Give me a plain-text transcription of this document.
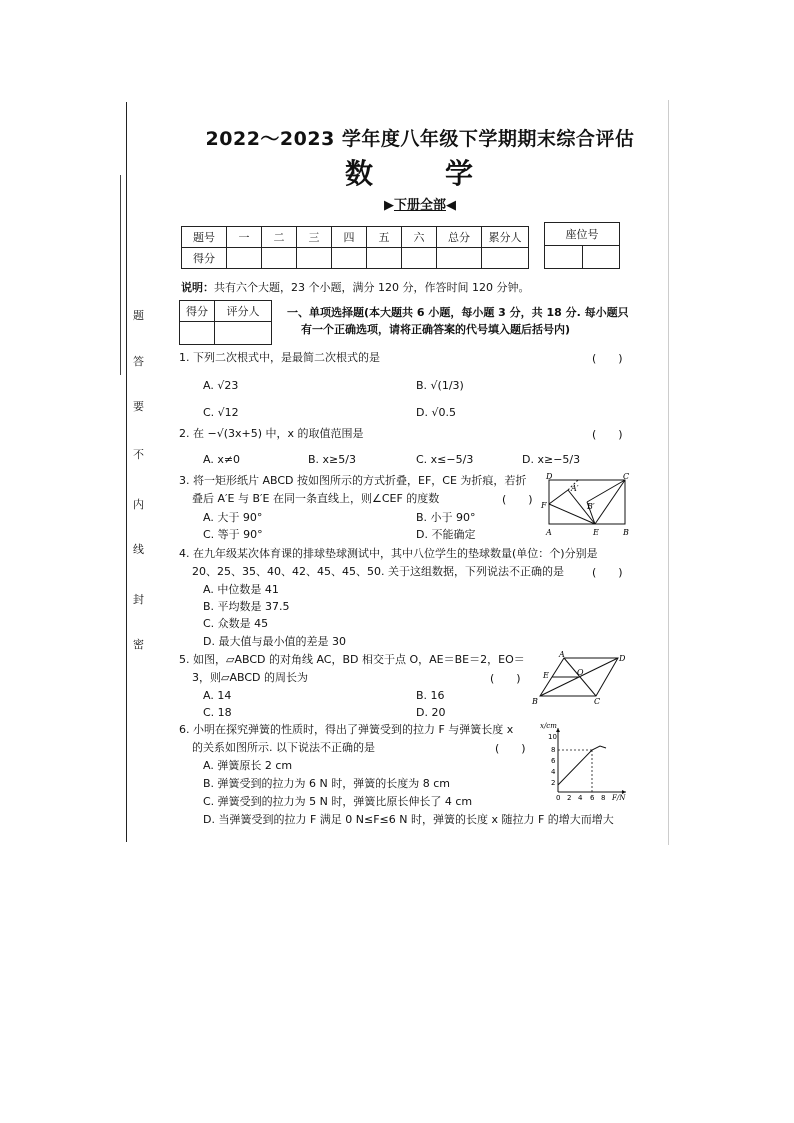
密
封
线
内
不
要
答
题
2022～2023 学年度八年级下学期期末综合评估
数　学
▶下册全部◀
题号	一	二	三	四	五	六	总分	累分人
得分								
座位号

说明：共有六个大题，23 个小题，满分 120 分，作答时间 120 分钟。
得分	评分人
		一、单项选择题(本大题共 6 小题，每小题 3 分，共 18 分. 每小题只
有一个正确选项，请将正确答案的代号填入题后括号内)
1. 下列二次根式中，是最简二次根式的是	(　　)
A. √23	B. √(1/3)
C. √12	D. √0.5
2. 在 −√(3x+5) 中，x 的取值范围是	(　　)
A. x≠0	B. x≥5/3	C. x≤−5/3	D. x≥−5/3
3. 将一矩形纸片 ABCD 按如图所示的方式折叠，EF，CE 为折痕，若折
叠后 A′E 与 B′E 在同一条直线上，则∠CEF 的度数	(　　)
A. 大于 90°	B. 小于 90°
C. 等于 90°	D. 不能确定
D	C
A′
B′
F
A	E	B
4. 在九年级某次体育课的排球垫球测试中，其中八位学生的垫球数量(单位：个)分别是
20、25、35、40、42、45、45、50. 关于这组数据，下列说法不正确的是	(　　)
A. 中位数是 41
B. 平均数是 37.5
C. 众数是 45
D. 最大值与最小值的差是 30
5. 如图，▱ABCD 的对角线 AC，BD 相交于点 O，AE＝BE＝2，EO＝
3，则▱ABCD 的周长为	(　　)
A. 14	B. 16
C. 18	D. 20
A	D
E	O
B	C
6. 小明在探究弹簧的性质时，得出了弹簧受到的拉力 F 与弹簧长度 x
的关系如图所示. 以下说法不正确的是	(　　)
A. 弹簧原长 2 cm
B. 弹簧受到的拉力为 6 N 时，弹簧的长度为 8 cm
C. 弹簧受到的拉力为 5 N 时，弹簧比原长伸长了 4 cm
D. 当弹簧受到的拉力 F 满足 0 N≤F≤6 N 时，弹簧的长度 x 随拉力 F 的增大而增大
x/cm
F/N
10
8
6
4
2
0 2 4 6 8
